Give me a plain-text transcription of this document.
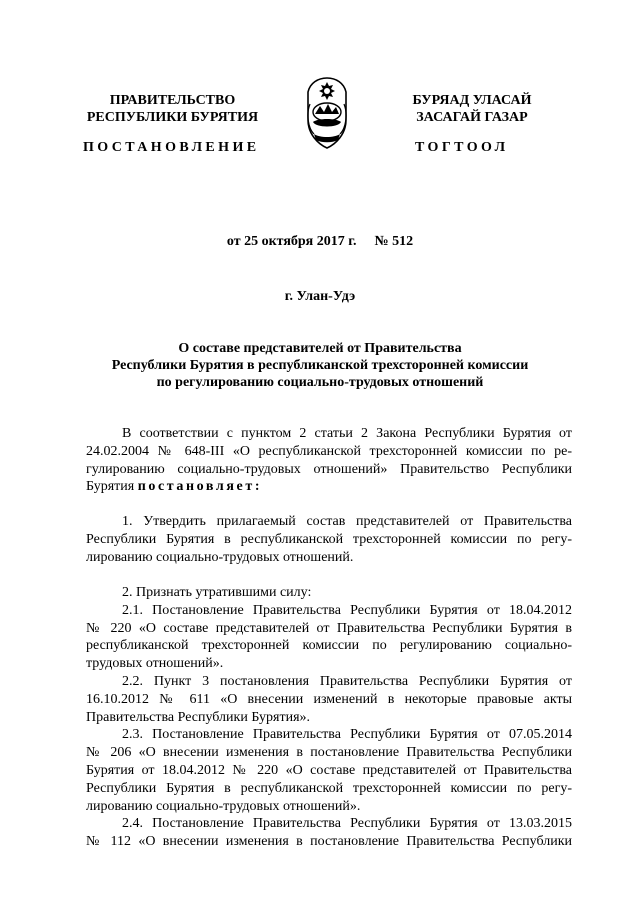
ПРАВИТЕЛЬСТВО
РЕСПУБЛИКИ БУРЯТИЯ
БУРЯАД УЛАСАЙ
ЗАСАГАЙ ГАЗАР
ПОСТАНОВЛЕНИЕ	ТОГТООЛ
от 25 октября 2017 г. № 512
г. Улан-Удэ
О составе представителей от Правительства
Республики Бурятия в республиканской трехсторонней комиссии
по регулированию социально-трудовых отношений
В соответствии с пунктом 2 статьи 2 Закона Республики Бурятия от
24.02.2004 № 648-III «О республиканской трехсторонней комиссии по ре-
гулированию социально-трудовых отношений» Правительство Республики
Бурятия постановляет:
1. Утвердить прилагаемый состав представителей от Правительства
Республики Бурятия в республиканской трехсторонней комиссии по регу-
лированию социально-трудовых отношений.
2. Признать утратившими силу:
2.1. Постановление Правительства Республики Бурятия от 18.04.2012
№ 220 «О составе представителей от Правительства Республики Бурятия в
республиканской трехсторонней комиссии по регулированию социально-
трудовых отношений».
2.2. Пункт 3 постановления Правительства Республики Бурятия от
16.10.2012 № 611 «О внесении изменений в некоторые правовые акты
Правительства Республики Бурятия».
2.3. Постановление Правительства Республики Бурятия от 07.05.2014
№ 206 «О внесении изменения в постановление Правительства Республики
Бурятия от 18.04.2012 № 220 «О составе представителей от Правительства
Республики Бурятия в республиканской трехсторонней комиссии по регу-
лированию социально-трудовых отношений».
2.4. Постановление Правительства Республики Бурятия от 13.03.2015
№ 112 «О внесении изменения в постановление Правительства Республики
